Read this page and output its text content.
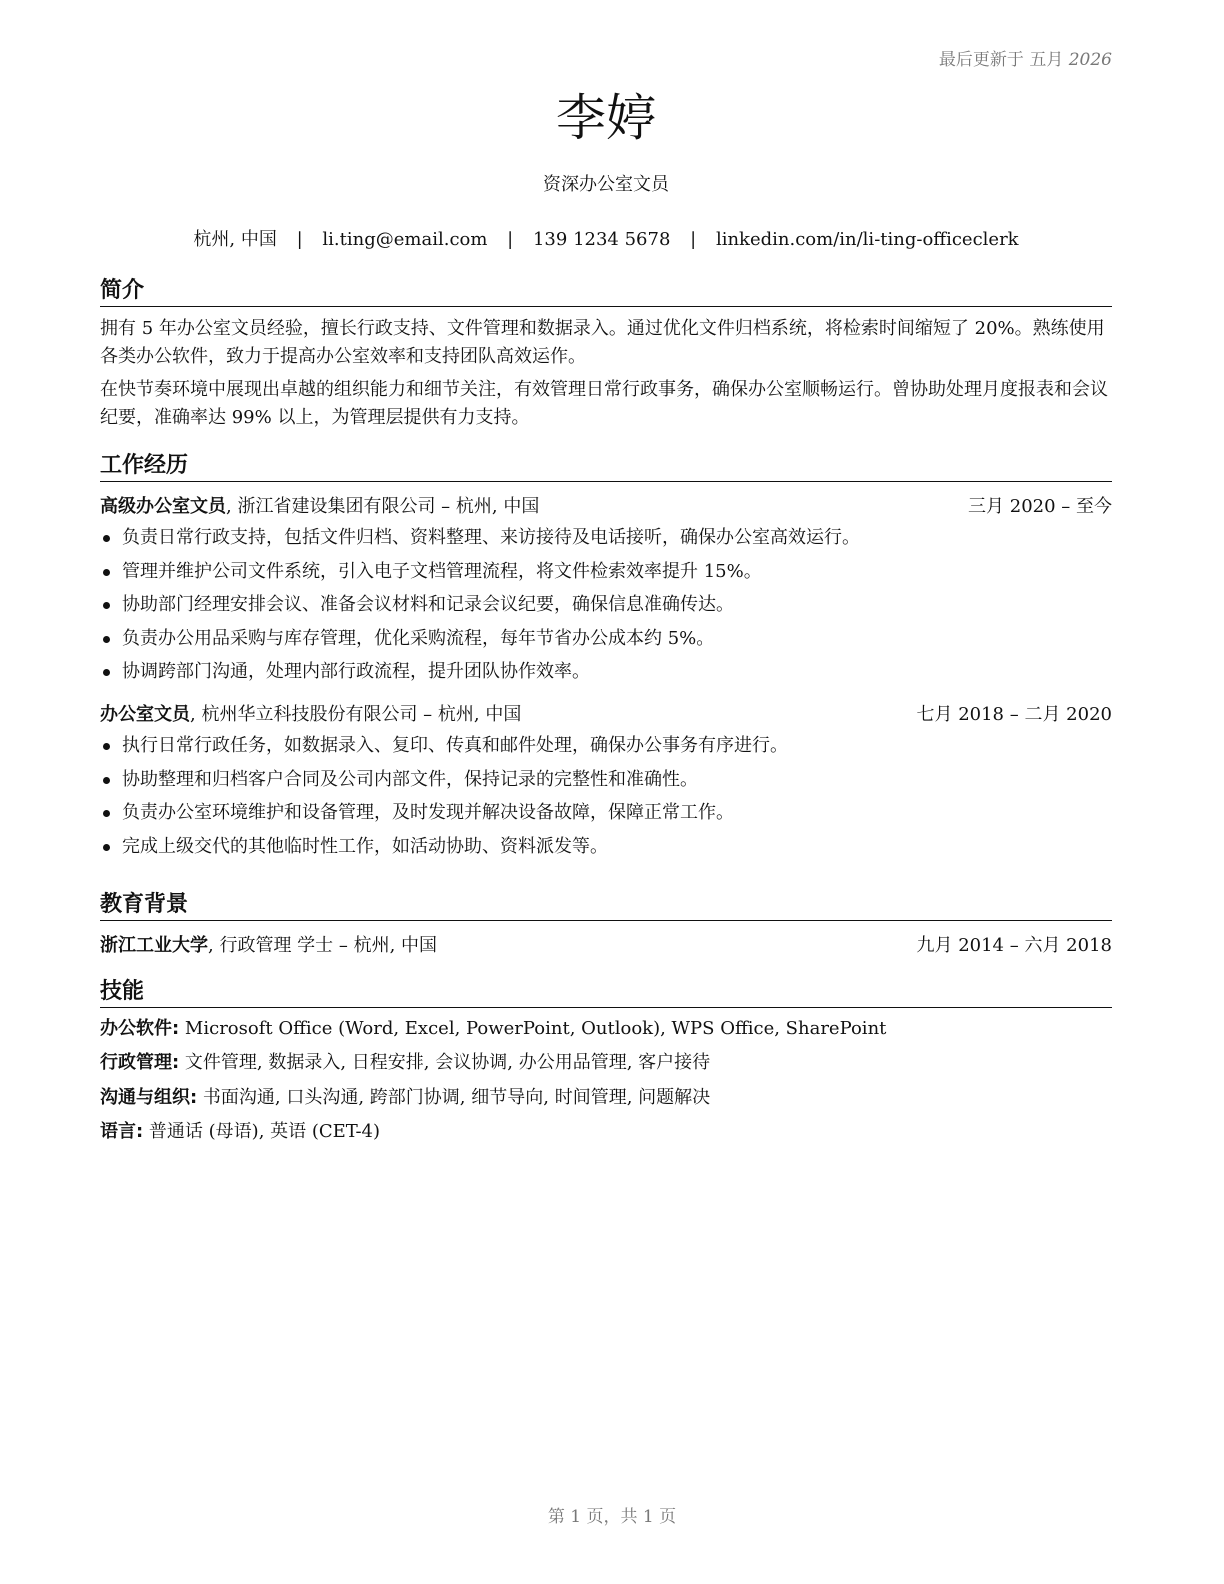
最后更新于 五月 2026
李婷
资深办公室文员
杭州, 中国 | li.ting@email.com | 139 1234 5678 | linkedin.com/in/li-ting-officeclerk
简介
拥有 5 年办公室文员经验，擅长行政支持、文件管理和数据录入。通过优化文件归档系统，将检索时间缩短了 20%。熟练使用各类办公软件，致力于提高办公室效率和支持团队高效运作。
在快节奏环境中展现出卓越的组织能力和细节关注，有效管理日常行政事务，确保办公室顺畅运行。曾协助处理月度报表和会议纪要，准确率达 99% 以上，为管理层提供有力支持。
工作经历
高级办公室文员, 浙江省建设集团有限公司 – 杭州, 中国	三月 2020 – 至今
负责日常行政支持，包括文件归档、资料整理、来访接待及电话接听，确保办公室高效运行。
管理并维护公司文件系统，引入电子文档管理流程，将文件检索效率提升 15%。
协助部门经理安排会议、准备会议材料和记录会议纪要，确保信息准确传达。
负责办公用品采购与库存管理，优化采购流程，每年节省办公成本约 5%。
协调跨部门沟通，处理内部行政流程，提升团队协作效率。
办公室文员, 杭州华立科技股份有限公司 – 杭州, 中国	七月 2018 – 二月 2020
执行日常行政任务，如数据录入、复印、传真和邮件处理，确保办公事务有序进行。
协助整理和归档客户合同及公司内部文件，保持记录的完整性和准确性。
负责办公室环境维护和设备管理，及时发现并解决设备故障，保障正常工作。
完成上级交代的其他临时性工作，如活动协助、资料派发等。
教育背景
浙江工业大学, 行政管理 学士 – 杭州, 中国	九月 2014 – 六月 2018
技能
办公软件: Microsoft Office (Word, Excel, PowerPoint, Outlook), WPS Office, SharePoint
行政管理: 文件管理, 数据录入, 日程安排, 会议协调, 办公用品管理, 客户接待
沟通与组织: 书面沟通, 口头沟通, 跨部门协调, 细节导向, 时间管理, 问题解决
语言: 普通话 (母语), 英语 (CET-4)
第 1 页，共 1 页
